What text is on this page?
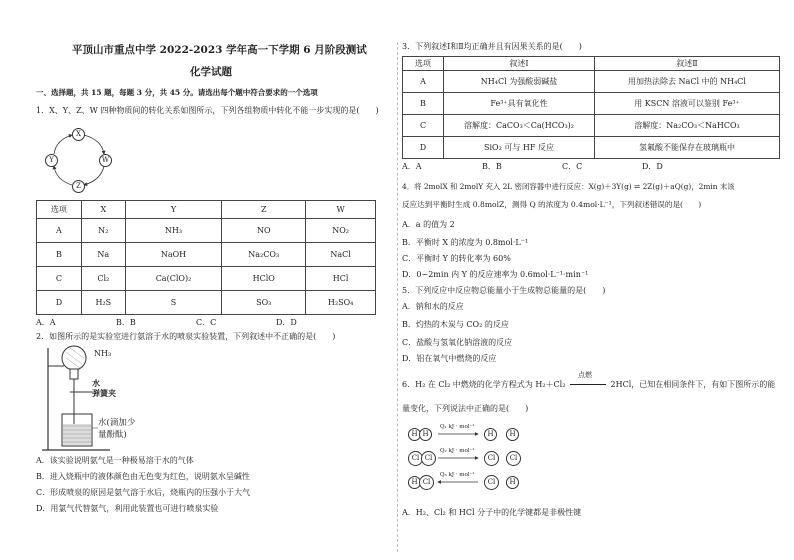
平顶山市重点中学 2022-2023 学年高一下学期 6 月阶段测试
化学试题
一、选择题，共 15 题，每题 3 分，共 45 分。请选出每个题中符合要求的一个选项
1．X、Y、Z、W 四种物质间的转化关系如图所示，下列各组物质中转化不能一步实现的是(　　)
X
W
Z
Y
选项	X	Y	Z	W
A	N₂	NH₃	NO	NO₂
B	Na	NaOH	Na₂CO₃	NaCl
C	Cl₂	Ca(ClO)₂	HClO	HCl
D	H₂S	S	SO₃	H₂SO₄
A．A	B．B	C．C	D．D
2．如图所示的是实验室进行氨溶于水的喷泉实验装置，下列叙述中不正确的是(　　)
NH₃
水
弹簧夹
水(滴加少
量酚酞)
A．该实验说明氨气是一种极易溶于水的气体
B．进入烧瓶中的液体颜色由无色变为红色，说明氨水呈碱性
C．形成喷泉的原因是氨气溶于水后，烧瓶内的压强小于大气
D．用氯气代替氨气，利用此装置也可进行喷泉实验
3．下列叙述Ⅰ和Ⅱ均正确并且有因果关系的是(　　)
选项	叙述Ⅰ	叙述Ⅱ
A	NH₄Cl 为强酸弱碱盐	用加热法除去 NaCl 中的 NH₄Cl
B	Fe³⁺具有氧化性	用 KSCN 溶液可以鉴别 Fe³⁺
C	溶解度：CaCO₃＜Ca(HCO₃)₂	溶解度：Na₂CO₃＜NaHCO₃
D	SiO₂ 可与 HF 反应	氢氟酸不能保存在玻璃瓶中
A．A	B．B	C．C	D．D
4．将 2molX 和 2molY 充入 2L 密闭容器中进行反应：X(g)＋3Y(g) ⇌ 2Z(g)＋aQ(g)，2min 末该
反应达到平衡时生成 0.8molZ，测得 Q 的浓度为 0.4mol·L⁻¹，下列叙述错误的是(　　)
A．a 的值为 2
B．平衡时 X 的浓度为 0.8mol·L⁻¹
C．平衡时 Y 的转化率为 60%
D．0~2min 内 Y 的反应速率为 0.6mol·L⁻¹·min⁻¹
5．下列反应中反应物总能量小于生成物总能量的是(　　)
A．钠和水的反应
B．灼热的木炭与 CO₂ 的反应
C．盐酸与氢氧化钠溶液的反应
D．铝在氧气中燃烧的反应
6．H₂ 在 Cl₂ 中燃烧的化学方程式为 H₂＋Cl₂
点燃
2HCl，已知在相同条件下，有如下图所示的能
量变化，下列说法中正确的是(　　)
Q₁ kJ · mol⁻¹
Q₂ kJ · mol⁻¹
Q₃ kJ · mol⁻¹
H H	H	H
Cl Cl	Cl	Cl
H Cl	Cl	H
A．H₂、Cl₂ 和 HCl 分子中的化学键都是非极性键
